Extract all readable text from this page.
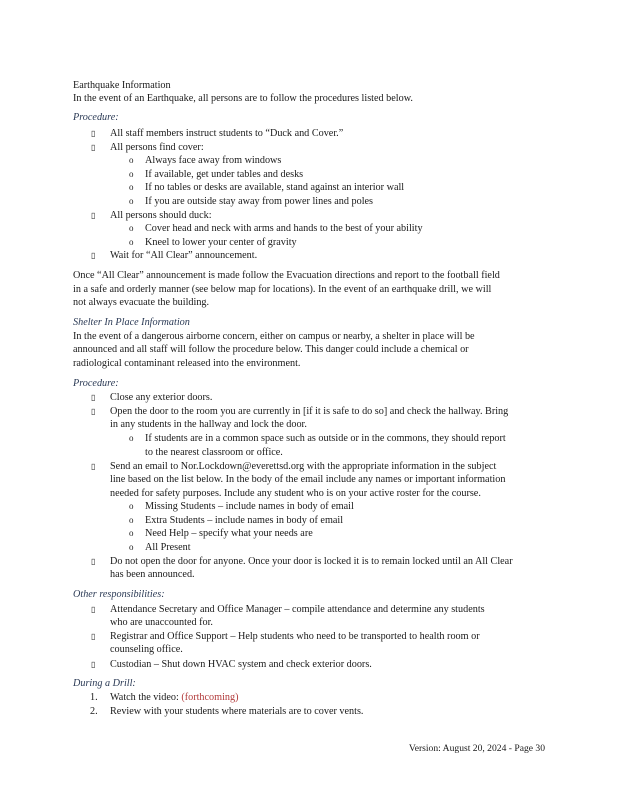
Earthquake Information
In the event of an Earthquake, all persons are to follow the procedures listed below.
Procedure:
▯	All staff members instruct students to “Duck and Cover.”
▯	All persons find cover:
o Always face away from windows
o If available, get under tables and desks
o If no tables or desks are available, stand against an interior wall
o If you are outside stay away from power lines and poles
▯	All persons should duck:
o Cover head and neck with arms and hands to the best of your ability
o Kneel to lower your center of gravity
▯	Wait for “All Clear” announcement.
Once “All Clear” announcement is made follow the Evacuation directions and report to the football field
in a safe and orderly manner (see below map for locations). In the event of an earthquake drill, we will
not always evacuate the building.
Shelter In Place Information
In the event of a dangerous airborne concern, either on campus or nearby, a shelter in place will be
announced and all staff will follow the procedure below. This danger could include a chemical or
radiological contaminant released into the environment.
Procedure:
▯	Close any exterior doors.
▯	Open the door to the room you are currently in [if it is safe to do so] and check the hallway. Bring
in any students in the hallway and lock the door.
o If students are in a common space such as outside or in the commons, they should report
to the nearest classroom or office.
▯	Send an email to Nor.Lockdown@everettsd.org with the appropriate information in the subject
line based on the list below. In the body of the email include any names or important information
needed for safety purposes. Include any student who is on your active roster for the course.
o Missing Students – include names in body of email
o Extra Students – include names in body of email
o Need Help – specify what your needs are
o All Present
▯	Do not open the door for anyone. Once your door is locked it is to remain locked until an All Clear
has been announced.
Other responsibilities:
▯	Attendance Secretary and Office Manager – compile attendance and determine any students
who are unaccounted for.
▯	Registrar and Office Support – Help students who need to be transported to health room or
counseling office.
▯	Custodian – Shut down HVAC system and check exterior doors.
During a Drill:
1. Watch the video: (forthcoming)
2. Review with your students where materials are to cover vents.
Version: August 20, 2024 - Page 30
